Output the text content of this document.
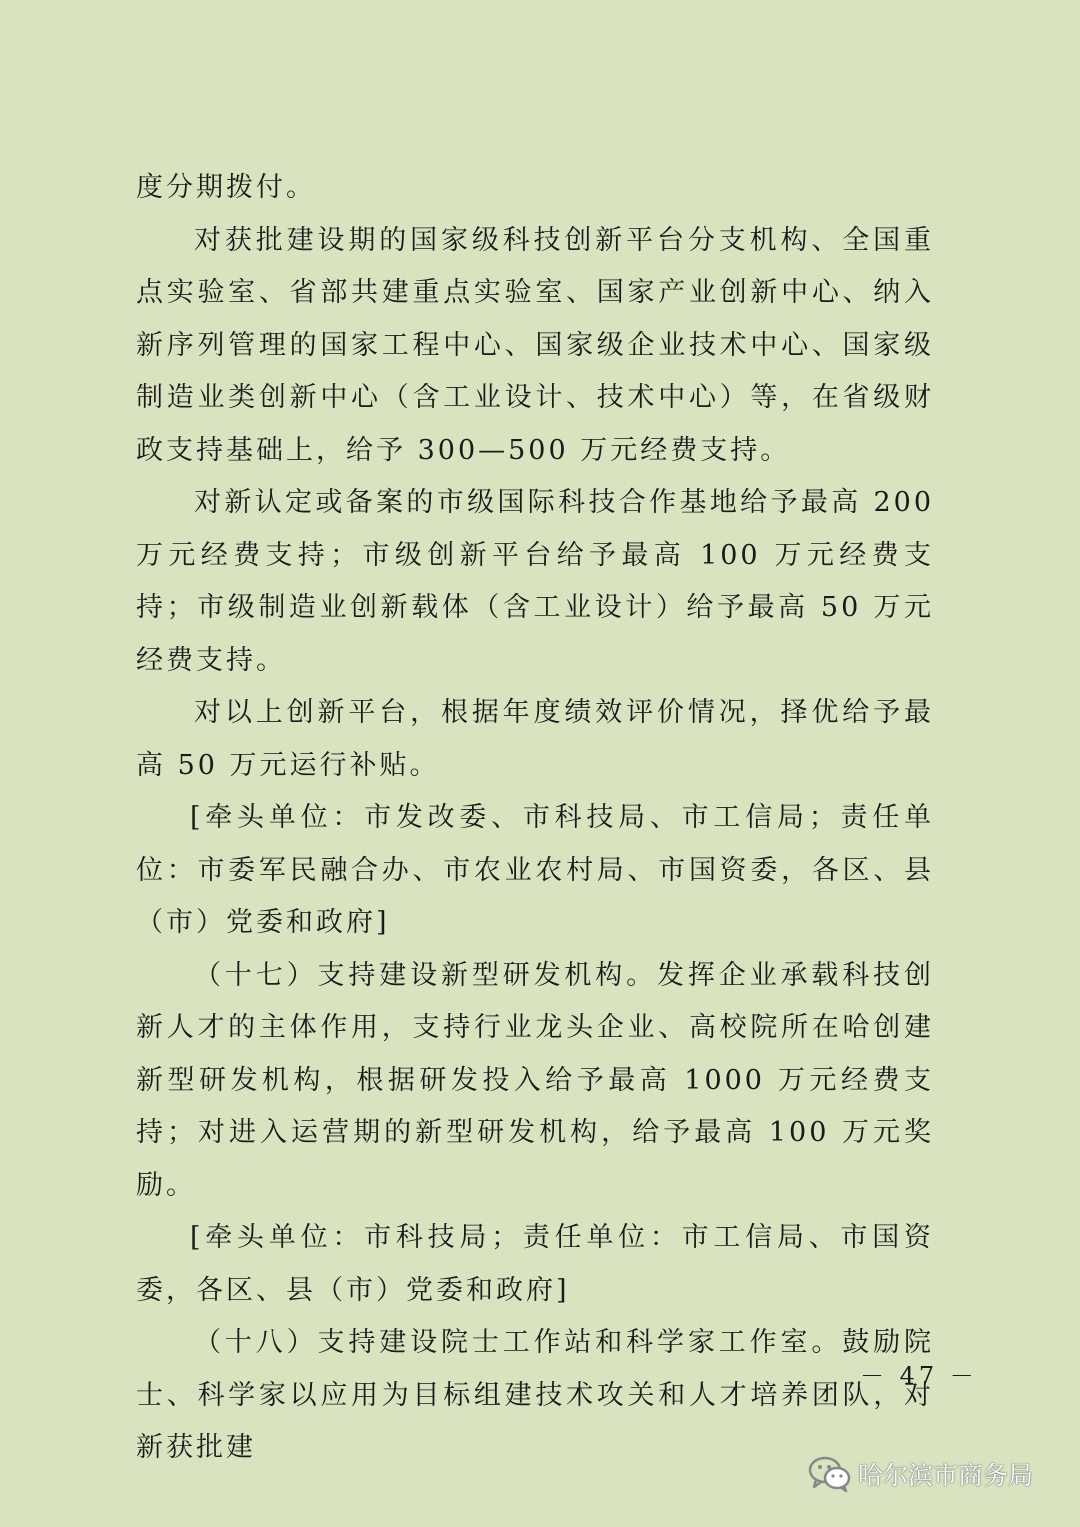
度分期拨付。

对获批建设期的国家级科技创新平台分支机构、全国重点实验室、省部共建重点实验室、国家产业创新中心、纳入新序列管理的国家工程中心、国家级企业技术中心、国家级制造业类创新中心（含工业设计、技术中心）等，在省级财政支持基础上，给予 300—500 万元经费支持。

对新认定或备案的市级国际科技合作基地给予最高 200 万元经费支持；市级创新平台给予最高 100 万元经费支持；市级制造业创新载体（含工业设计）给予最高 50 万元经费支持。

对以上创新平台，根据年度绩效评价情况，择优给予最高 50 万元运行补贴。

[牵头单位：市发改委、市科技局、市工信局；责任单位：市委军民融合办、市农业农村局、市国资委，各区、县（市）党委和政府]

（十七）支持建设新型研发机构。发挥企业承载科技创新人才的主体作用，支持行业龙头企业、高校院所在哈创建新型研发机构，根据研发投入给予最高 1000 万元经费支持；对进入运营期的新型研发机构，给予最高 100 万元奖励。

[牵头单位：市科技局；责任单位：市工信局、市国资委，各区、县（市）党委和政府]

（十八）支持建设院士工作站和科学家工作室。鼓励院士、科学家以应用为目标组建技术攻关和人才培养团队，对新获批建

－ 47 －
哈尔滨市商务局
